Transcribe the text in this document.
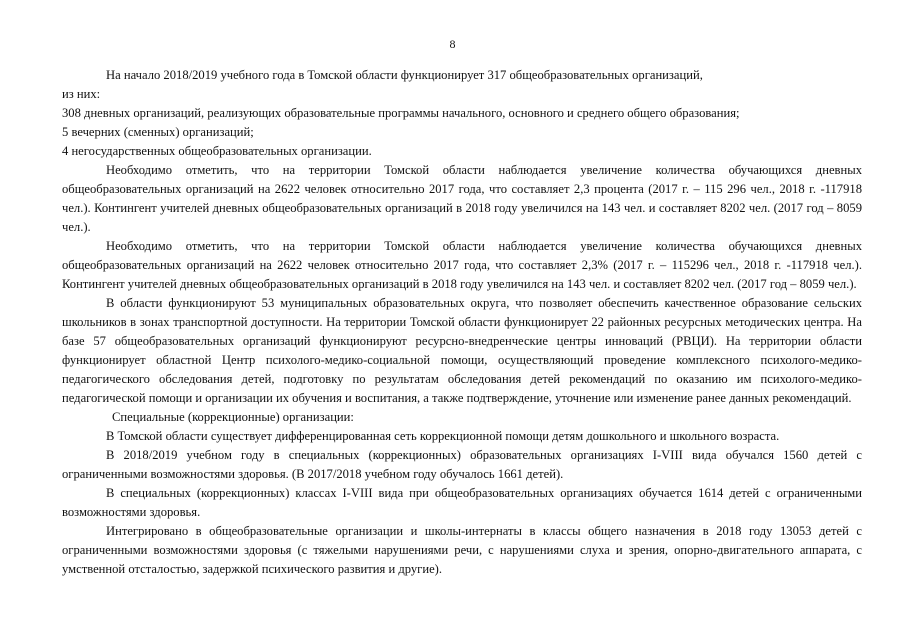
8

На начало 2018/2019 учебного года в Томской области функционирует 317 общеобразовательных организаций,

из них:

308 дневных организаций, реализующих образовательные программы начального, основного и среднего общего образования;

5 вечерних (сменных) организаций;

4 негосударственных общеобразовательных организации.

Необходимо отметить, что на территории Томской области наблюдается увеличение количества обучающихся дневных общеобразовательных организаций на 2622 человек относительно 2017 года, что составляет 2,3 процента (2017 г. – 115 296 чел., 2018 г. -117918 чел.). Контингент учителей дневных общеобразовательных организаций в 2018 году увеличился на 143 чел. и составляет 8202 чел. (2017 год – 8059 чел.).

Необходимо отметить, что на территории Томской области наблюдается увеличение количества обучающихся дневных общеобразовательных организаций на 2622 человек относительно 2017 года, что составляет 2,3% (2017 г. – 115296 чел., 2018 г. -117918 чел.). Контингент учителей дневных общеобразовательных организаций в 2018 году увеличился на 143 чел. и составляет 8202 чел. (2017 год – 8059 чел.).

В области функционируют 53 муниципальных образовательных округа, что позволяет обеспечить качественное образование сельских школьников в зонах транспортной доступности. На территории Томской области функционирует 22 районных ресурсных методических центра. На базе 57 общеобразовательных организаций функционируют ресурсно-внедренческие центры инноваций (РВЦИ). На территории области функционирует областной Центр психолого-медико-социальной помощи, осуществляющий проведение комплексного психолого-медико-педагогического обследования детей, подготовку по результатам обследования детей рекомендаций по оказанию им психолого-медико-педагогической помощи и организации их обучения и воспитания, а также подтверждение, уточнение или изменение ранее данных рекомендаций.

Специальные (коррекционные) организации:

В Томской области существует дифференцированная сеть коррекционной помощи детям дошкольного и школьного возраста.

В 2018/2019 учебном году в специальных (коррекционных) образовательных организациях I-VIII вида обучался 1560 детей с ограниченными возможностями здоровья. (В 2017/2018 учебном году обучалось 1661 детей).

В специальных (коррекционных) классах I-VIII вида при общеобразовательных организациях обучается 1614 детей с ограниченными возможностями здоровья.

Интегрировано в общеобразовательные организации и школы-интернаты в классы общего назначения в 2018 году 13053 детей с ограниченными возможностями здоровья (с тяжелыми нарушениями речи, с нарушениями слуха и зрения, опорно-двигательного аппарата, с умственной отсталостью, задержкой психического развития и другие).
